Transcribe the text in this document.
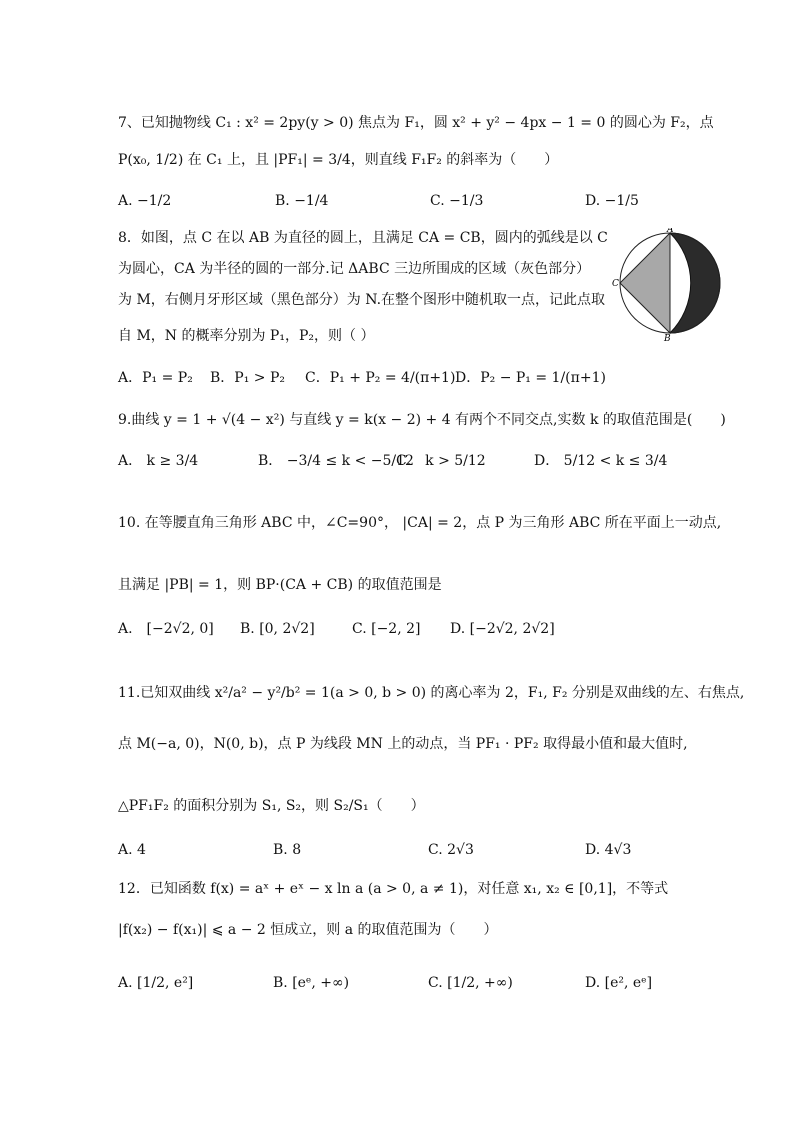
7、已知抛物线 C₁ : x² = 2py(y > 0) 焦点为 F₁，圆 x² + y² − 4px − 1 = 0 的圆心为 F₂，点
P(x₀, 1/2) 在 C₁ 上，且 |PF₁| = 3/4，则直线 F₁F₂ 的斜率为（　　）
A. −1/2	B. −1/4	C. −1/3	D. −1/5
8．如图，点 C 在以 AB 为直径的圆上，且满足 CA = CB，圆内的弧线是以 C
为圆心，CA 为半径的圆的一部分.记 ΔABC 三边所围成的区域（灰色部分）
为 M，右侧月牙形区域（黑色部分）为 N.在整个图形中随机取一点，记此点取
自 M，N 的概率分别为 P₁，P₂，则（ ）
A
B
C
A．P₁ = P₂ B．P₁ > P₂ C．P₁ + P₂ = 4/(π+1) D．P₂ − P₁ = 1/(π+1)
9.曲线 y = 1 + √(4 − x²) 与直线 y = k(x − 2) + 4 有两个不同交点,实数 k 的取值范围是(　　)
A． k ≥ 3/4	B． −3/4 ≤ k < −5/12
C． k > 5/12	D． 5/12 < k ≤ 3/4
10. 在等腰直角三角形 ABC 中，∠C=90°， |CA| = 2，点 P 为三角形 ABC 所在平面上一动点,
且满足 |PB| = 1，则 BP·(CA + CB) 的取值范围是
A.　[−2√2, 0] B. [0, 2√2]	C. [−2, 2] D. [−2√2, 2√2]
11.已知双曲线 x²/a² − y²/b² = 1(a > 0, b > 0) 的离心率为 2，F₁, F₂ 分别是双曲线的左、右焦点,
点 M(−a, 0)，N(0, b)，点 P 为线段 MN 上的动点，当 PF₁ · PF₂ 取得最小值和最大值时,
△PF₁F₂ 的面积分别为 S₁, S₂，则 S₂/S₁（　　）
A. 4	B. 8	C. 2√3	D. 4√3
12．已知函数 f(x) = aˣ + eˣ − x ln a (a > 0, a ≠ 1)，对任意 x₁, x₂ ∈ [0,1]，不等式
|f(x₂) − f(x₁)| ⩽ a − 2 恒成立，则 a 的取值范围为（　　）
A. [1/2, e²]	B. [eᵉ, +∞)	C. [1/2, +∞)	D. [e², eᵉ]
